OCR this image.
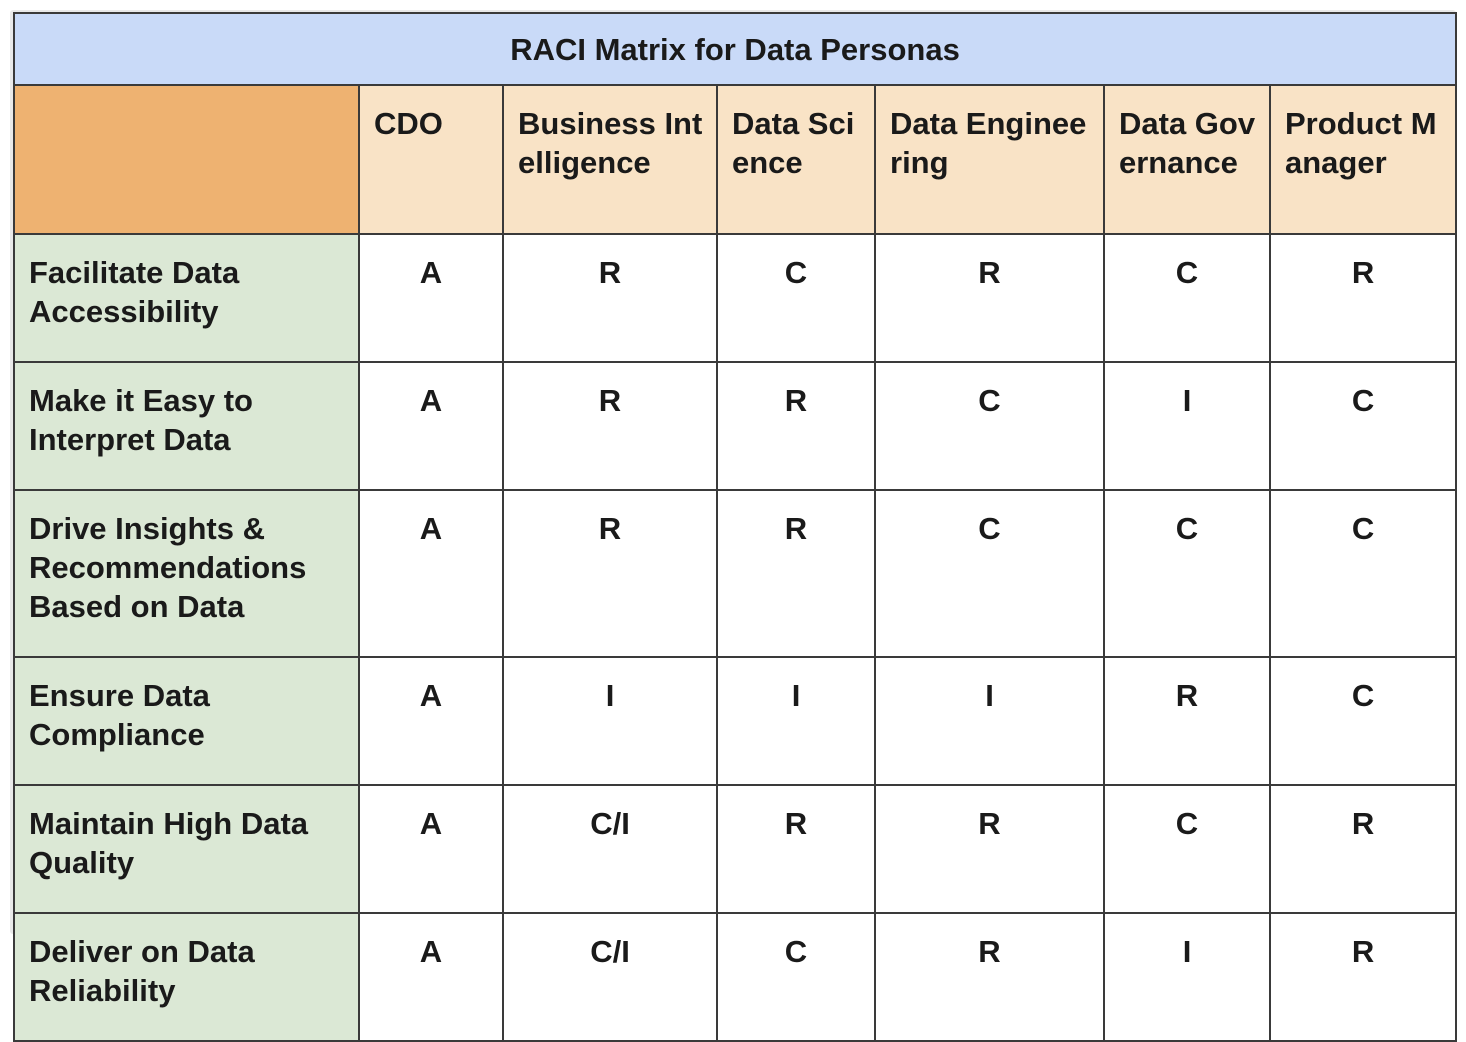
RACI Matrix for Data Personas						
	CDO	Business Intelligence	Data Science	Data Engineering	Data Governance	Product Manager
Facilitate Data Accessibility	A	R	C	R	C	R
Make it Easy to Interpret Data	A	R	R	C	I	C
Drive Insights & Recommendations Based on Data	A	R	R	C	C	C
Ensure Data Compliance	A	I	I	I	R	C
Maintain High Data Quality	A	C/I	R	R	C	R
Deliver on Data Reliability	A	C/I	C	R	I	R
